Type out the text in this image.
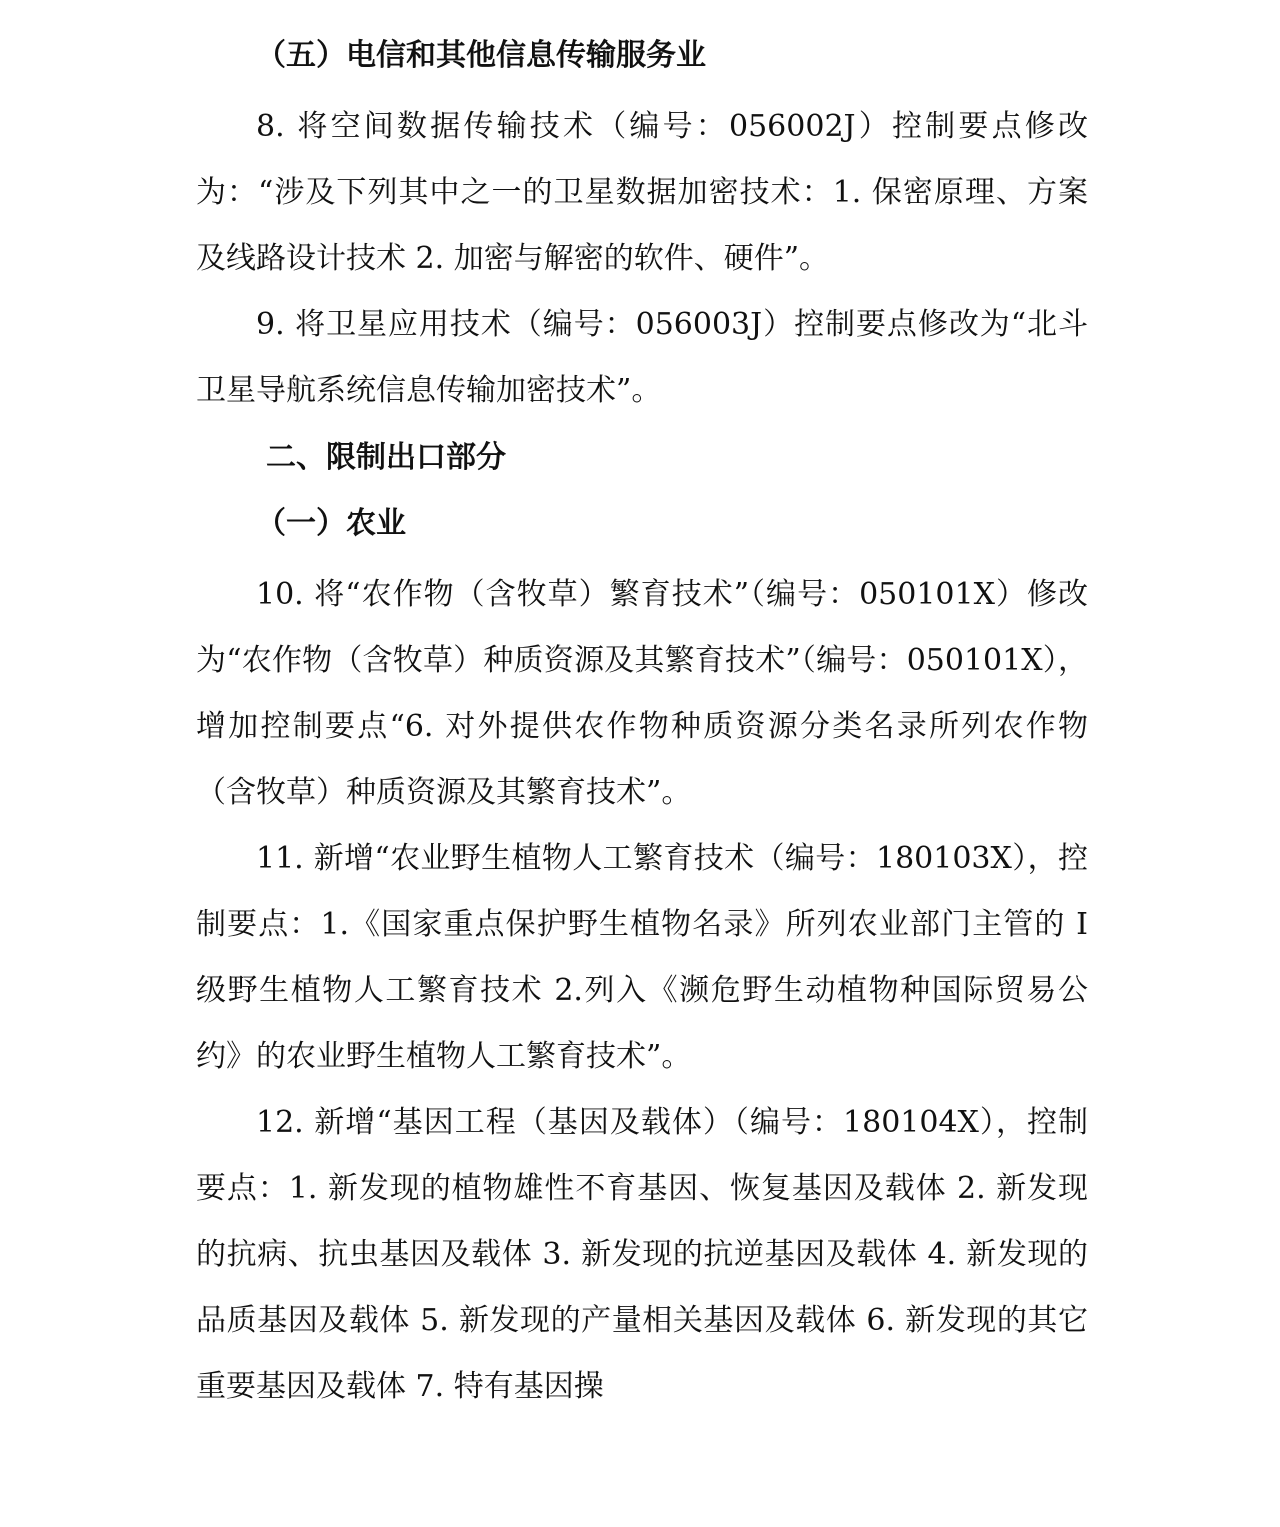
（五）电信和其他信息传输服务业

8. 将空间数据传输技术（编号：056002J）控制要点修改为：“涉及下列其中之一的卫星数据加密技术：1. 保密原理、方案及线路设计技术 2. 加密与解密的软件、硬件”。

9. 将卫星应用技术（编号：056003J）控制要点修改为“北斗卫星导航系统信息传输加密技术”。

二、限制出口部分
（一）农业

10. 将“农作物（含牧草）繁育技术”（编号：050101X）修改为“农作物（含牧草）种质资源及其繁育技术”（编号：050101X），增加控制要点“6. 对外提供农作物种质资源分类名录所列农作物（含牧草）种质资源及其繁育技术”。

11. 新增“农业野生植物人工繁育技术（编号：180103X），控制要点：1.《国家重点保护野生植物名录》所列农业部门主管的 I 级野生植物人工繁育技术 2.列入《濒危野生动植物种国际贸易公约》的农业野生植物人工繁育技术”。

12. 新增“基因工程（基因及载体）（编号：180104X），控制要点：1. 新发现的植物雄性不育基因、恢复基因及载体 2. 新发现的抗病、抗虫基因及载体 3. 新发现的抗逆基因及载体 4. 新发现的品质基因及载体 5. 新发现的产量相关基因及载体 6. 新发现的其它重要基因及载体 7. 特有基因操
